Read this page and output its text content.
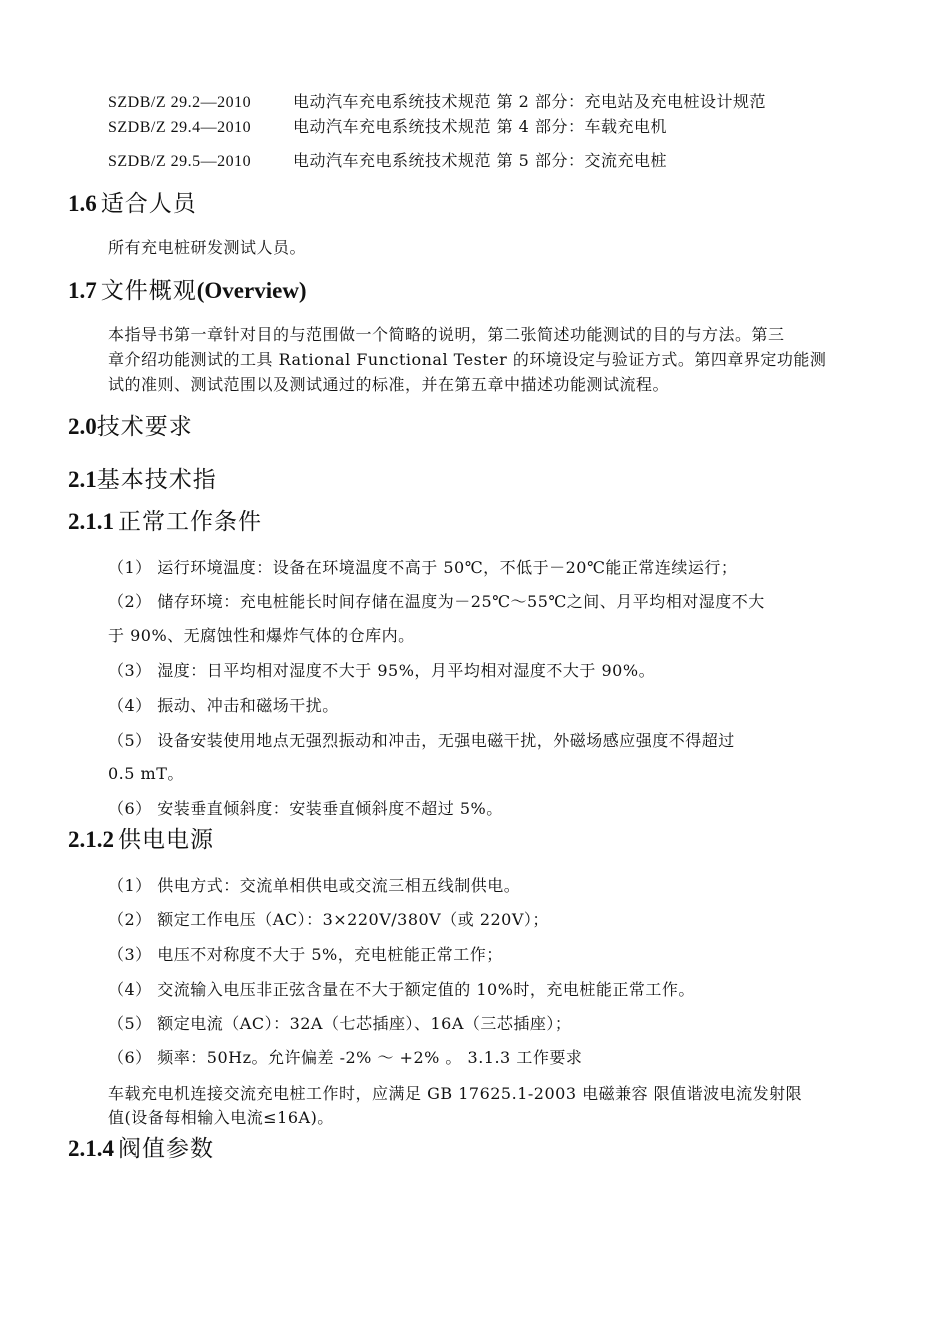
SZDB/Z 29.2—2010	电动汽车充电系统技术规范 第 2 部分：充电站及充电桩设计规范
SZDB/Z 29.4—2010	电动汽车充电系统技术规范 第 4 部分：车载充电机
SZDB/Z 29.5—2010	电动汽车充电系统技术规范 第 5 部分：交流充电桩
1.6 适合人员
所有充电桩研发测试人员。
1.7 文件概观(Overview)
本指导书第一章针对目的与范围做一个简略的说明，第二张简述功能测试的目的与方法。第三
章介绍功能测试的工具 Rational Functional Tester 的环境设定与验证方式。第四章界定功能测
试的准则、测试范围以及测试通过的标准，并在第五章中描述功能测试流程。
2.0技术要求
2.1基本技术指
2.1.1 正常工作条件
（1） 运行环境温度：设备在环境温度不高于 50℃，不低于－20℃能正常连续运行；
（2） 储存环境：充电桩能长时间存储在温度为－25℃～55℃之间、月平均相对湿度不大
于 90%、无腐蚀性和爆炸气体的仓库内。
（3） 湿度：日平均相对湿度不大于 95%，月平均相对湿度不大于 90%。
（4） 振动、冲击和磁场干扰。
（5） 设备安装使用地点无强烈振动和冲击，无强电磁干扰，外磁场感应强度不得超过
0.5 mT。
（6） 安装垂直倾斜度：安装垂直倾斜度不超过 5%。
2.1.2 供电电源
（1） 供电方式：交流单相供电或交流三相五线制供电。
（2） 额定工作电压（AC）：3×220V/380V（或 220V）；
（3） 电压不对称度不大于 5%，充电桩能正常工作；
（4） 交流输入电压非正弦含量在不大于额定值的 10%时，充电桩能正常工作。
（5） 额定电流（AC）：32A（七芯插座）、16A（三芯插座）；
（6） 频率：50Hz。允许偏差 -2% ～ +2% 。 3.1.3 工作要求
车载充电机连接交流充电桩工作时，应满足 GB 17625.1-2003 电磁兼容 限值谐波电流发射限
值(设备每相输入电流≤16A)。
2.1.4 阀值参数
